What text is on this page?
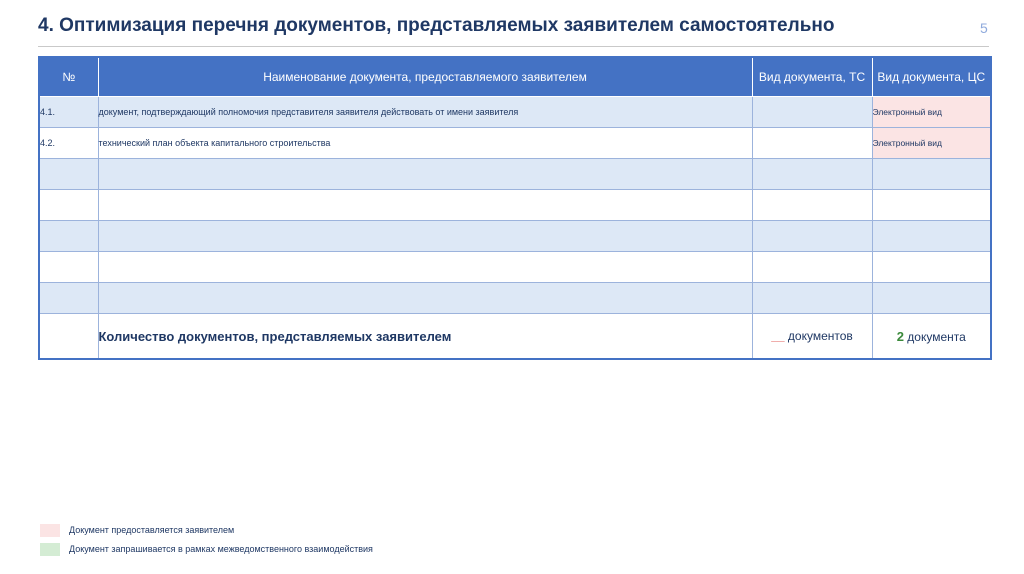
4. Оптимизация перечня документов, представляемых заявителем самостоятельно	5
№	Наименование документа, предоставляемого заявителем	Вид документа, ТС	Вид документа, ЦС
4.1.	документ, подтверждающий полномочия представителя заявителя действовать от имени заявителя		Электронный вид
4.2.	технический план объекта капитального строительства		Электронный вид

	Количество документов, представляемых заявителем	__ документов	2 документа
Документ предоставляется заявителем
Документ запрашивается в рамках межведомственного взаимодействия
